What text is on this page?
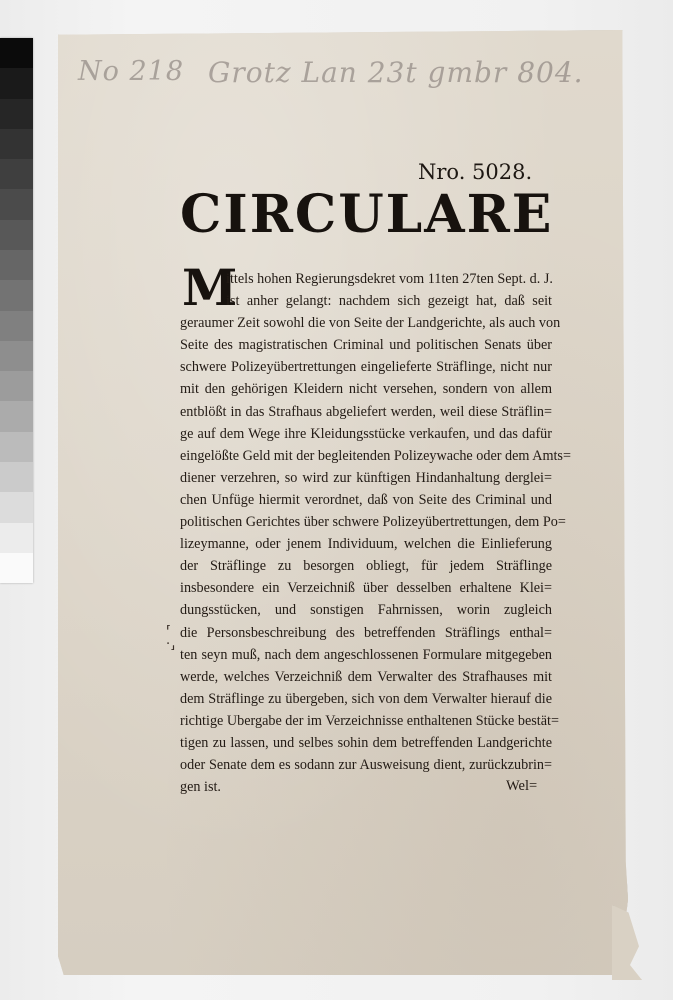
No 218 Grotz Lan 23t gmbr 804.
Nro. 5028.
CIRCULARE
M
ittels hohen Regierungsdekret vom 11ten 27ten Sept. d. J.
ist anher gelangt: nachdem sich gezeigt hat, daß seit
geraumer Zeit sowohl die von Seite der Landgerichte, als auch von
Seite des magistratischen Criminal und politischen Senats über
schwere Polizeyübertrettungen eingelieferte Sträflinge, nicht nur
mit den gehörigen Kleidern nicht versehen, sondern von allem
entblößt in das Strafhaus abgeliefert werden, weil diese Sträflin=
ge auf dem Wege ihre Kleidungsstücke verkaufen, und das dafür
eingelößte Geld mit der begleitenden Polizeywache oder dem Amts=
diener verzehren, so wird zur künftigen Hindanhaltung derglei=
chen Unfüge hiermit verordnet, daß von Seite des Criminal und
politischen Gerichtes über schwere Polizeyübertrettungen, dem Po=
lizeymanne, oder jenem Individuum, welchen die Einlieferung
der Sträflinge zu besorgen obliegt, für jedem Sträflinge
insbesondere ein Verzeichniß über desselben erhaltene Klei=
dungsstücken, und sonstigen Fahrnissen, worin zugleich
die Personsbeschreibung des betreffenden Sträflings enthal=
ten seyn muß, nach dem angeschlossenen Formulare mitgegeben
werde, welches Verzeichniß dem Verwalter des Strafhauses mit
dem Sträflinge zu übergeben, sich von dem Verwalter hierauf die
richtige Ubergabe der im Verzeichnisse enthaltenen Stücke bestät=
tigen zu lassen, und selbes sohin dem betreffenden Landgerichte
oder Senate dem es sodann zur Ausweisung dient, zurückzubrin=
gen ist.
⸢
·⸥
Wel=
